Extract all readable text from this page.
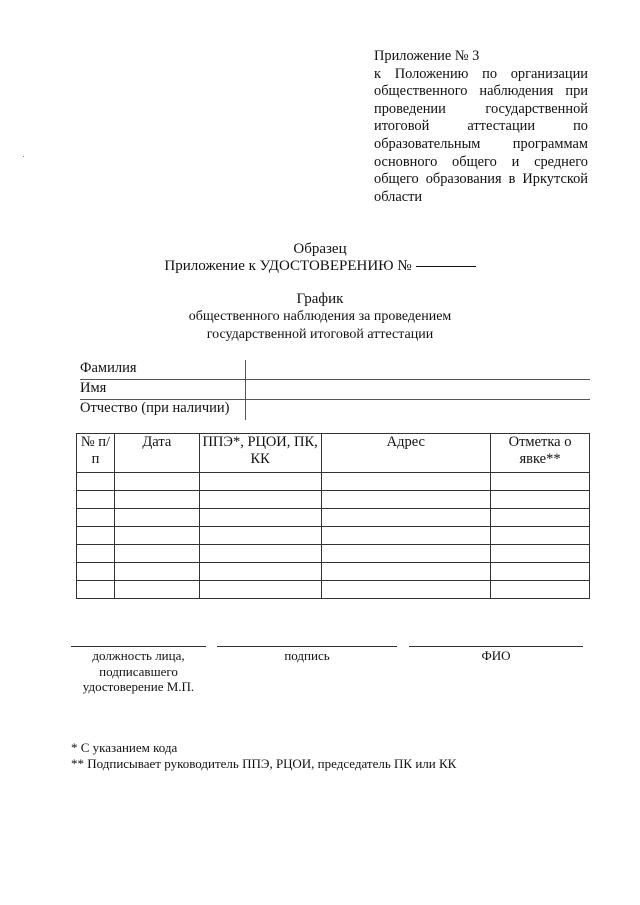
Приложение № 3
к Положению по организации общественного наблюдения при проведении государственной итоговой аттестации по образовательным программам основного общего и среднего общего образования в Иркутской области
Образец
Приложение к УДОСТОВЕРЕНИЮ №
График
общественного наблюдения за проведением
государственной итоговой аттестации
Фамилия
Имя
Отчество (при наличии)
№ п/п	Дата	ППЭ*, РЦОИ, ПК, КК	Адрес	Отметка о явке**

должность лица, подписавшего удостоверение М.П.
подпись	ФИО
* С указанием кода
** Подписывает руководитель ППЭ, РЦОИ, председатель ПК или КК
